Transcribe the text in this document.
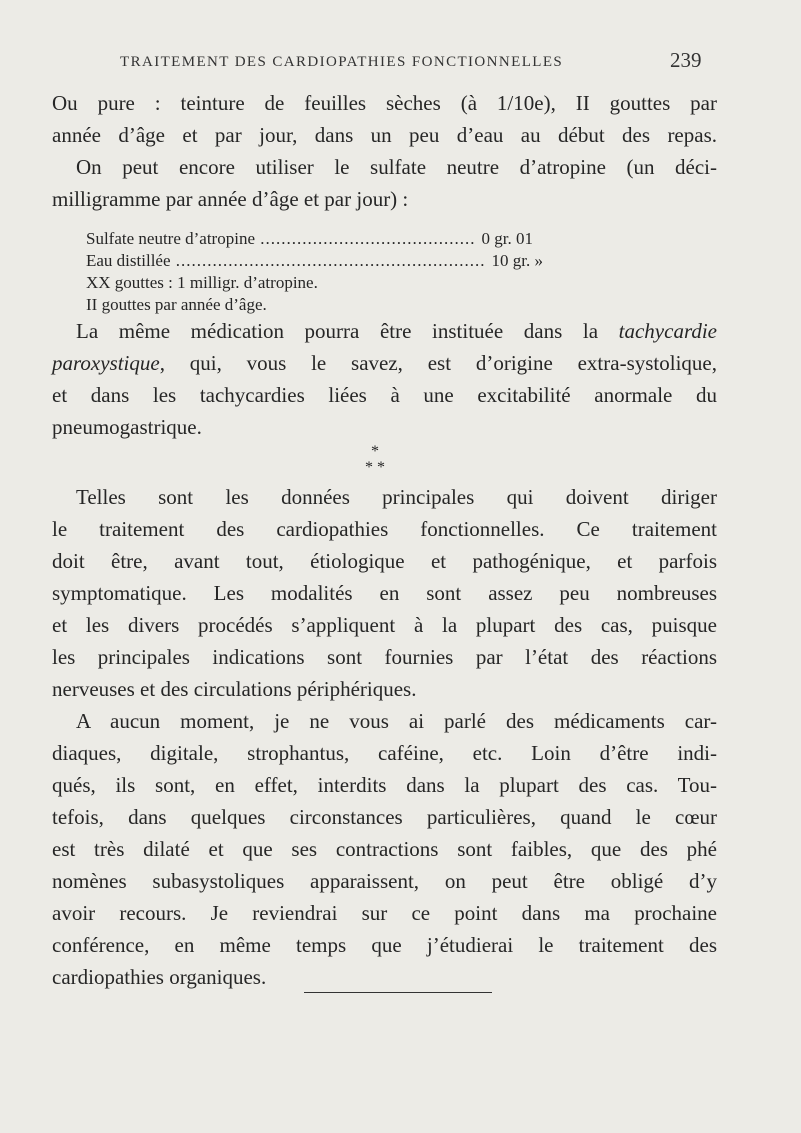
TRAITEMENT DES CARDIOPATHIES FONCTIONNELLES	239
Ou pure : teinture de feuilles sèches (à 1/10e), II gouttes par
année d’âge et par jour, dans un peu d’eau au début des repas.
On peut encore utiliser le sulfate neutre d’atropine (un déci-
milligramme par année d’âge et par jour) :
Sulfate neutre d’atropine ......................................... 0 gr. 01
Eau distillée ........................................................... 10 gr. »
XX gouttes : 1 milligr. d’atropine.
II gouttes par année d’âge.
La même médication pourra être instituée dans la tachycardie
paroxystique, qui, vous le savez, est d’origine extra-systolique,
et dans les tachycardies liées à une excitabilité anormale du
pneumogastrique.
*
* *
Telles sont les données principales qui doivent diriger
le traitement des cardiopathies fonctionnelles. Ce traitement
doit être, avant tout, étiologique et pathogénique, et parfois
symptomatique. Les modalités en sont assez peu nombreuses
et les divers procédés s’appliquent à la plupart des cas, puisque
les principales indications sont fournies par l’état des réactions
nerveuses et des circulations périphériques.
A aucun moment, je ne vous ai parlé des médicaments car-
diaques, digitale, strophantus, caféine, etc. Loin d’être indi-
qués, ils sont, en effet, interdits dans la plupart des cas. Tou-
tefois, dans quelques circonstances particulières, quand le cœur
est très dilaté et que ses contractions sont faibles, que des phé
nomènes subasystoliques apparaissent, on peut être obligé d’y
avoir recours. Je reviendrai sur ce point dans ma prochaine
conférence, en même temps que j’étudierai le traitement des
cardiopathies organiques.
